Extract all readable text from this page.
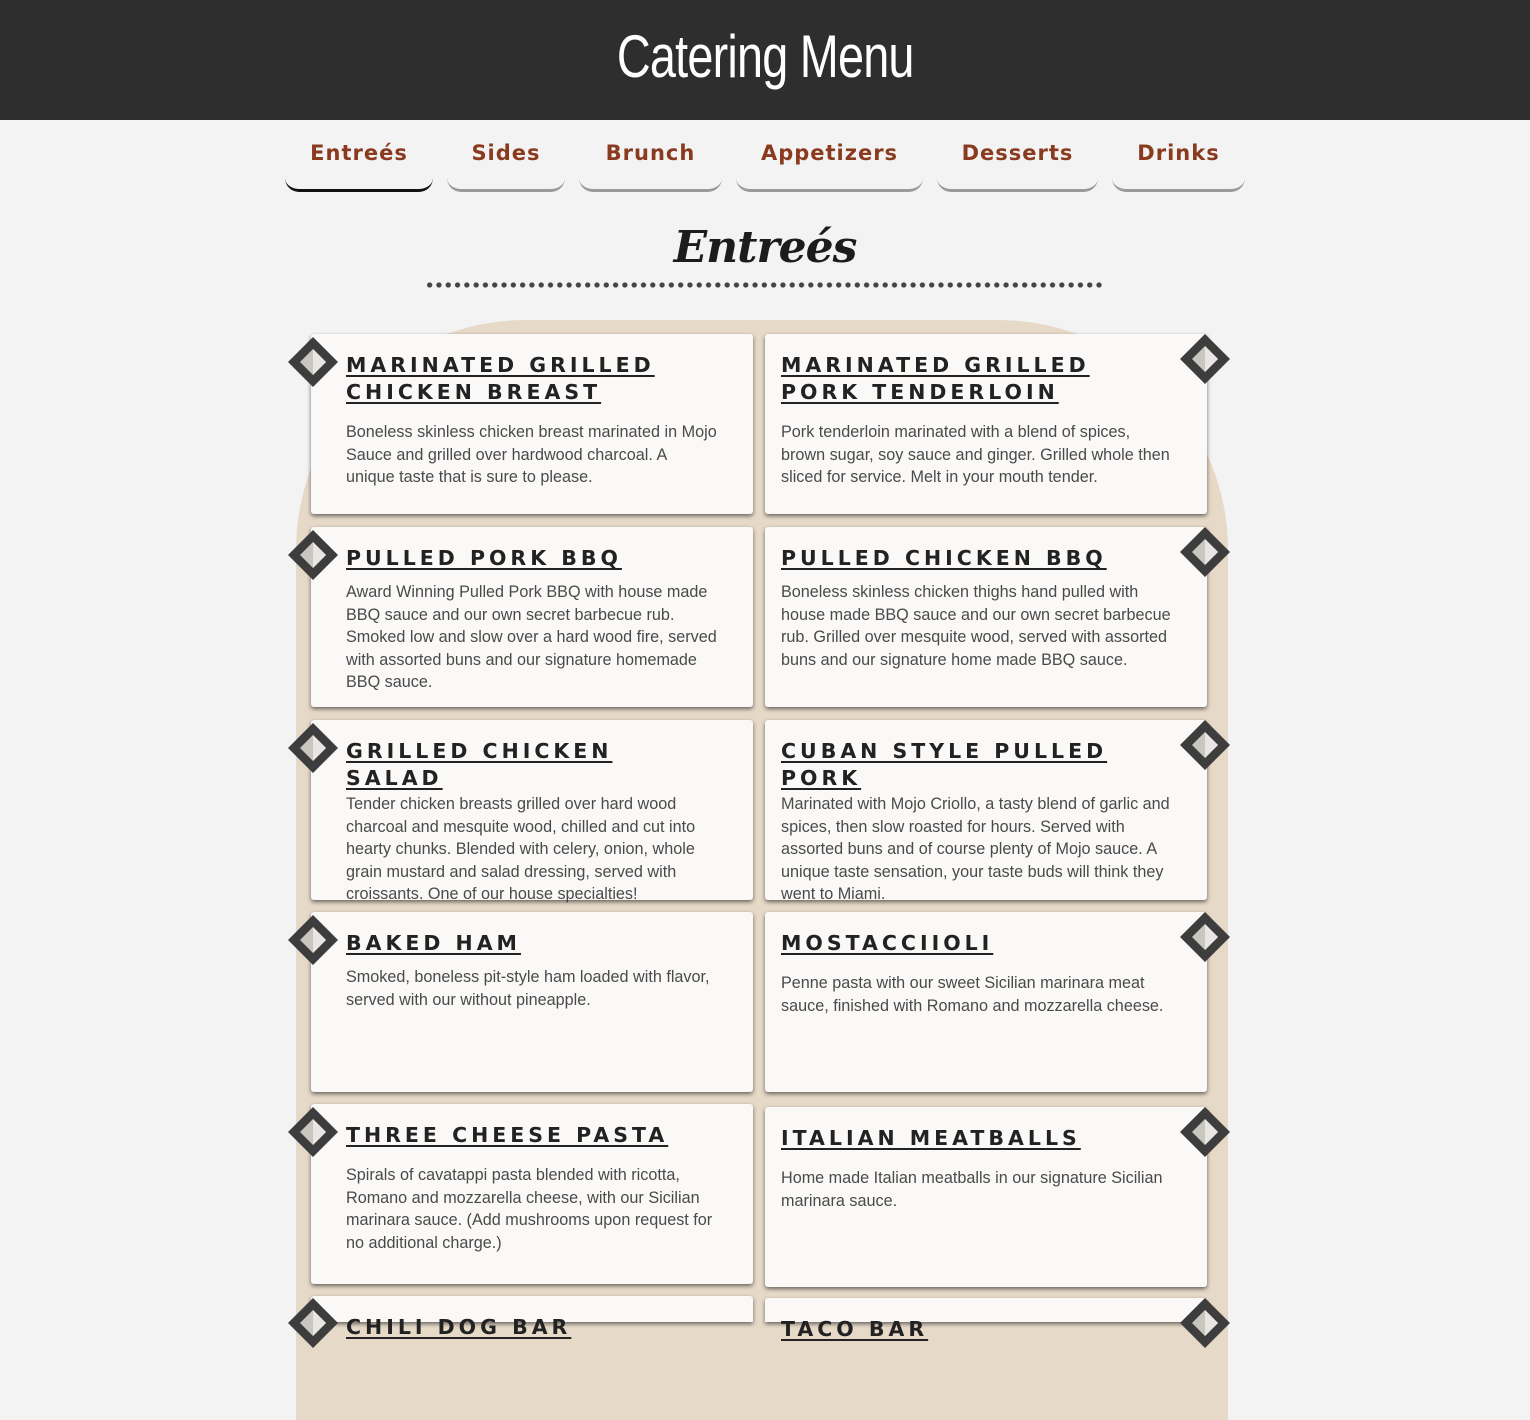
Catering Menu
Entreés	Sides	Brunch	Appetizers	Desserts	Drinks
Entreés
MARINATED GRILLED CHICKEN BREAST

Boneless skinless chicken breast marinated in Mojo Sauce and grilled over hardwood charcoal. A unique taste that is sure to please.

MARINATED GRILLED PORK TENDERLOIN

Pork tenderloin marinated with a blend of spices, brown sugar, soy sauce and ginger. Grilled whole then sliced for service. Melt in your mouth tender.

PULLED PORK BBQ

Award Winning Pulled Pork BBQ with house made BBQ sauce and our own secret barbecue rub. Smoked low and slow over a hard wood fire, served with assorted buns and our signature homemade BBQ sauce.

PULLED CHICKEN BBQ

Boneless skinless chicken thighs hand pulled with house made BBQ sauce and our own secret barbecue rub. Grilled over mesquite wood, served with assorted buns and our signature home made BBQ sauce.

GRILLED CHICKEN SALAD

Tender chicken breasts grilled over hard wood charcoal and mesquite wood, chilled and cut into hearty chunks. Blended with celery, onion, whole grain mustard and salad dressing, served with croissants. One of our house specialties!

CUBAN STYLE PULLED PORK

Marinated with Mojo Criollo, a tasty blend of garlic and spices, then slow roasted for hours. Served with assorted buns and of course plenty of Mojo sauce. A unique taste sensation, your taste buds will think they went to Miami.

BAKED HAM

Smoked, boneless pit-style ham loaded with flavor, served with our without pineapple.

MOSTACCIIOLI

Penne pasta with our sweet Sicilian marinara meat sauce, finished with Romano and mozzarella cheese.

THREE CHEESE PASTA

Spirals of cavatappi pasta blended with ricotta, Romano and mozzarella cheese, with our Sicilian marinara sauce. (Add mushrooms upon request for no additional charge.)

ITALIAN MEATBALLS

Home made Italian meatballs in our signature Sicilian marinara sauce.

CHILI DOG BAR	TACO BAR
